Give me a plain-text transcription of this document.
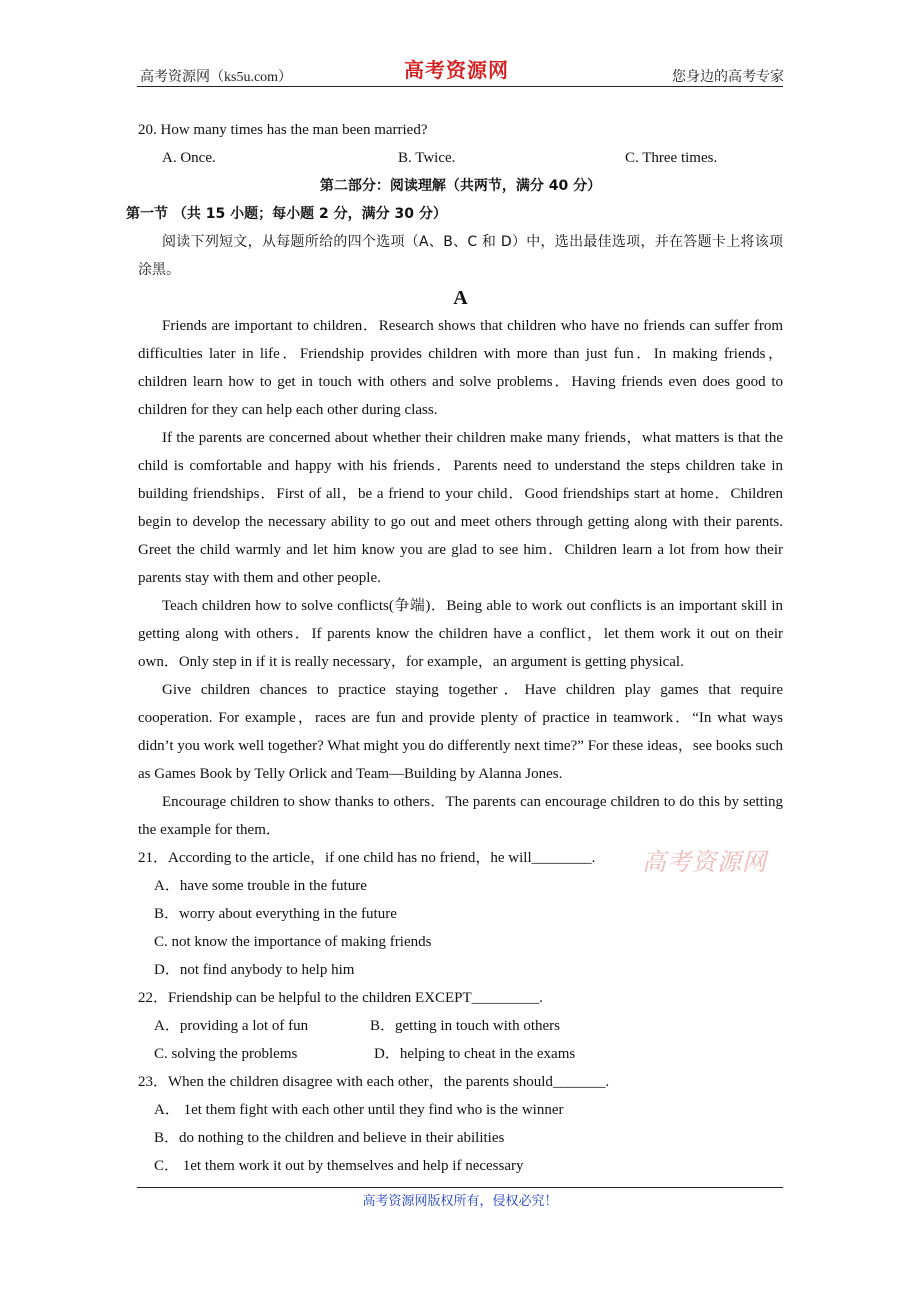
高考资源网（ks5u.com）	高考资源网	您身边的高考专家
20. How many times has the man been married?
A. Once.	B. Twice.	C. Three times.
第二部分：阅读理解（共两节，满分 40 分）
第一节 （共 15 小题；每小题 2 分，满分 30 分）
阅读下列短文，从每题所给的四个选项（A、B、C 和 D）中，选出最佳选项，并在答题卡上将该项涂黑。
A
Friends are important to children．Research shows that children who have no friends can suffer from difficulties later in life．Friendship provides children with more than just fun．In making friends，children learn how to get in touch with others and solve problems．Having friends even does good to children for they can help each other during class.
If the parents are concerned about whether their children make many friends，what matters is that the child is comfortable and happy with his friends．Parents need to understand the steps children take in building friendships．First of all，be a friend to your child．Good friendships start at home．Children begin to develop the necessary ability to go out and meet others through getting along with their parents. Greet the child warmly and let him know you are glad to see him．Children learn a lot from how their parents stay with them and other people.
Teach children how to solve conflicts(争端)．Being able to work out conflicts is an important skill in getting along with others．If parents know the children have a conflict，let them work it out on their own．Only step in if it is really necessary，for example，an argument is getting physical.
Give children chances to practice staying together．Have children play games that require cooperation. For example，races are fun and provide plenty of practice in teamwork．“In what ways didn’t you work well together? What might you do differently next time?” For these ideas，see books such as Games Book by Telly Orlick and Team—Building by Alanna Jones.
Encourage children to show thanks to others．The parents can encourage children to do this by setting the example for them．
21．According to the article，if one child has no friend，he will________.
A．have some trouble in the future
B．worry about everything in the future
C. not know the importance of making friends
D．not find anybody to help him
22．Friendship can be helpful to the children EXCEPT_________.
A．providing a lot of fun	B．getting in touch with others
C. solving the problems	D．helping to cheat in the exams
23．When the children disagree with each other，the parents should_______.
A． 1et them fight with each other until they find who is the winner
B．do nothing to the children and believe in their abilities
C． 1et them work it out by themselves and help if necessary
高考资源网
高考资源网版权所有，侵权必究！
